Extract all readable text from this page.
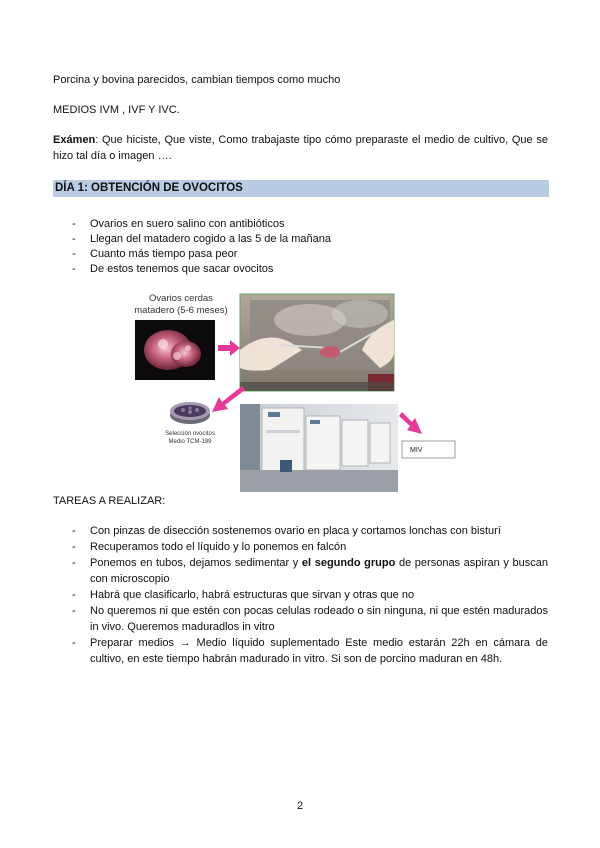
Porcina y bovina parecidos, cambian tiempos como mucho
MEDIOS IVM , IVF Y IVC.
Exámen: Que hiciste, Que viste, Como trabajaste tipo cómo preparaste el medio de cultivo, Que se hizo tal día o imagen ….
DÍA 1: OBTENCIÓN DE OVOCITOS
- Ovarios en suero salino con antibióticos
- Llegan del matadero cogido a las 5 de la mañana
- Cuanto más tiempo pasa peor
- De estos tenemos que sacar ovocitos
Ovarios cerdas
matadero (5-6 meses)
Selección ovocitos
Medio TCM-199
MIV
TAREAS A REALIZAR:
- Con pinzas de disección sostenemos ovario en placa y cortamos lonchas con bisturí
- Recuperamos todo el líquido y lo ponemos en falcón
- Ponemos en tubos, dejamos sedimentar y el segundo grupo de personas aspiran y buscan con microscopio
- Habrá que clasificarlo, habrá estructuras que sirvan y otras que no
- No queremos ni que estén con pocas celulas rodeado o sin ninguna, ni que estén madurados in vivo. Queremos maduradlos in vitro
- Preparar medios → Medio líquido suplementado Este medio estarán 22h en cámara de cultivo, en este tiempo habrán madurado in vitro. Si son de porcino maduran en 48h.
2
